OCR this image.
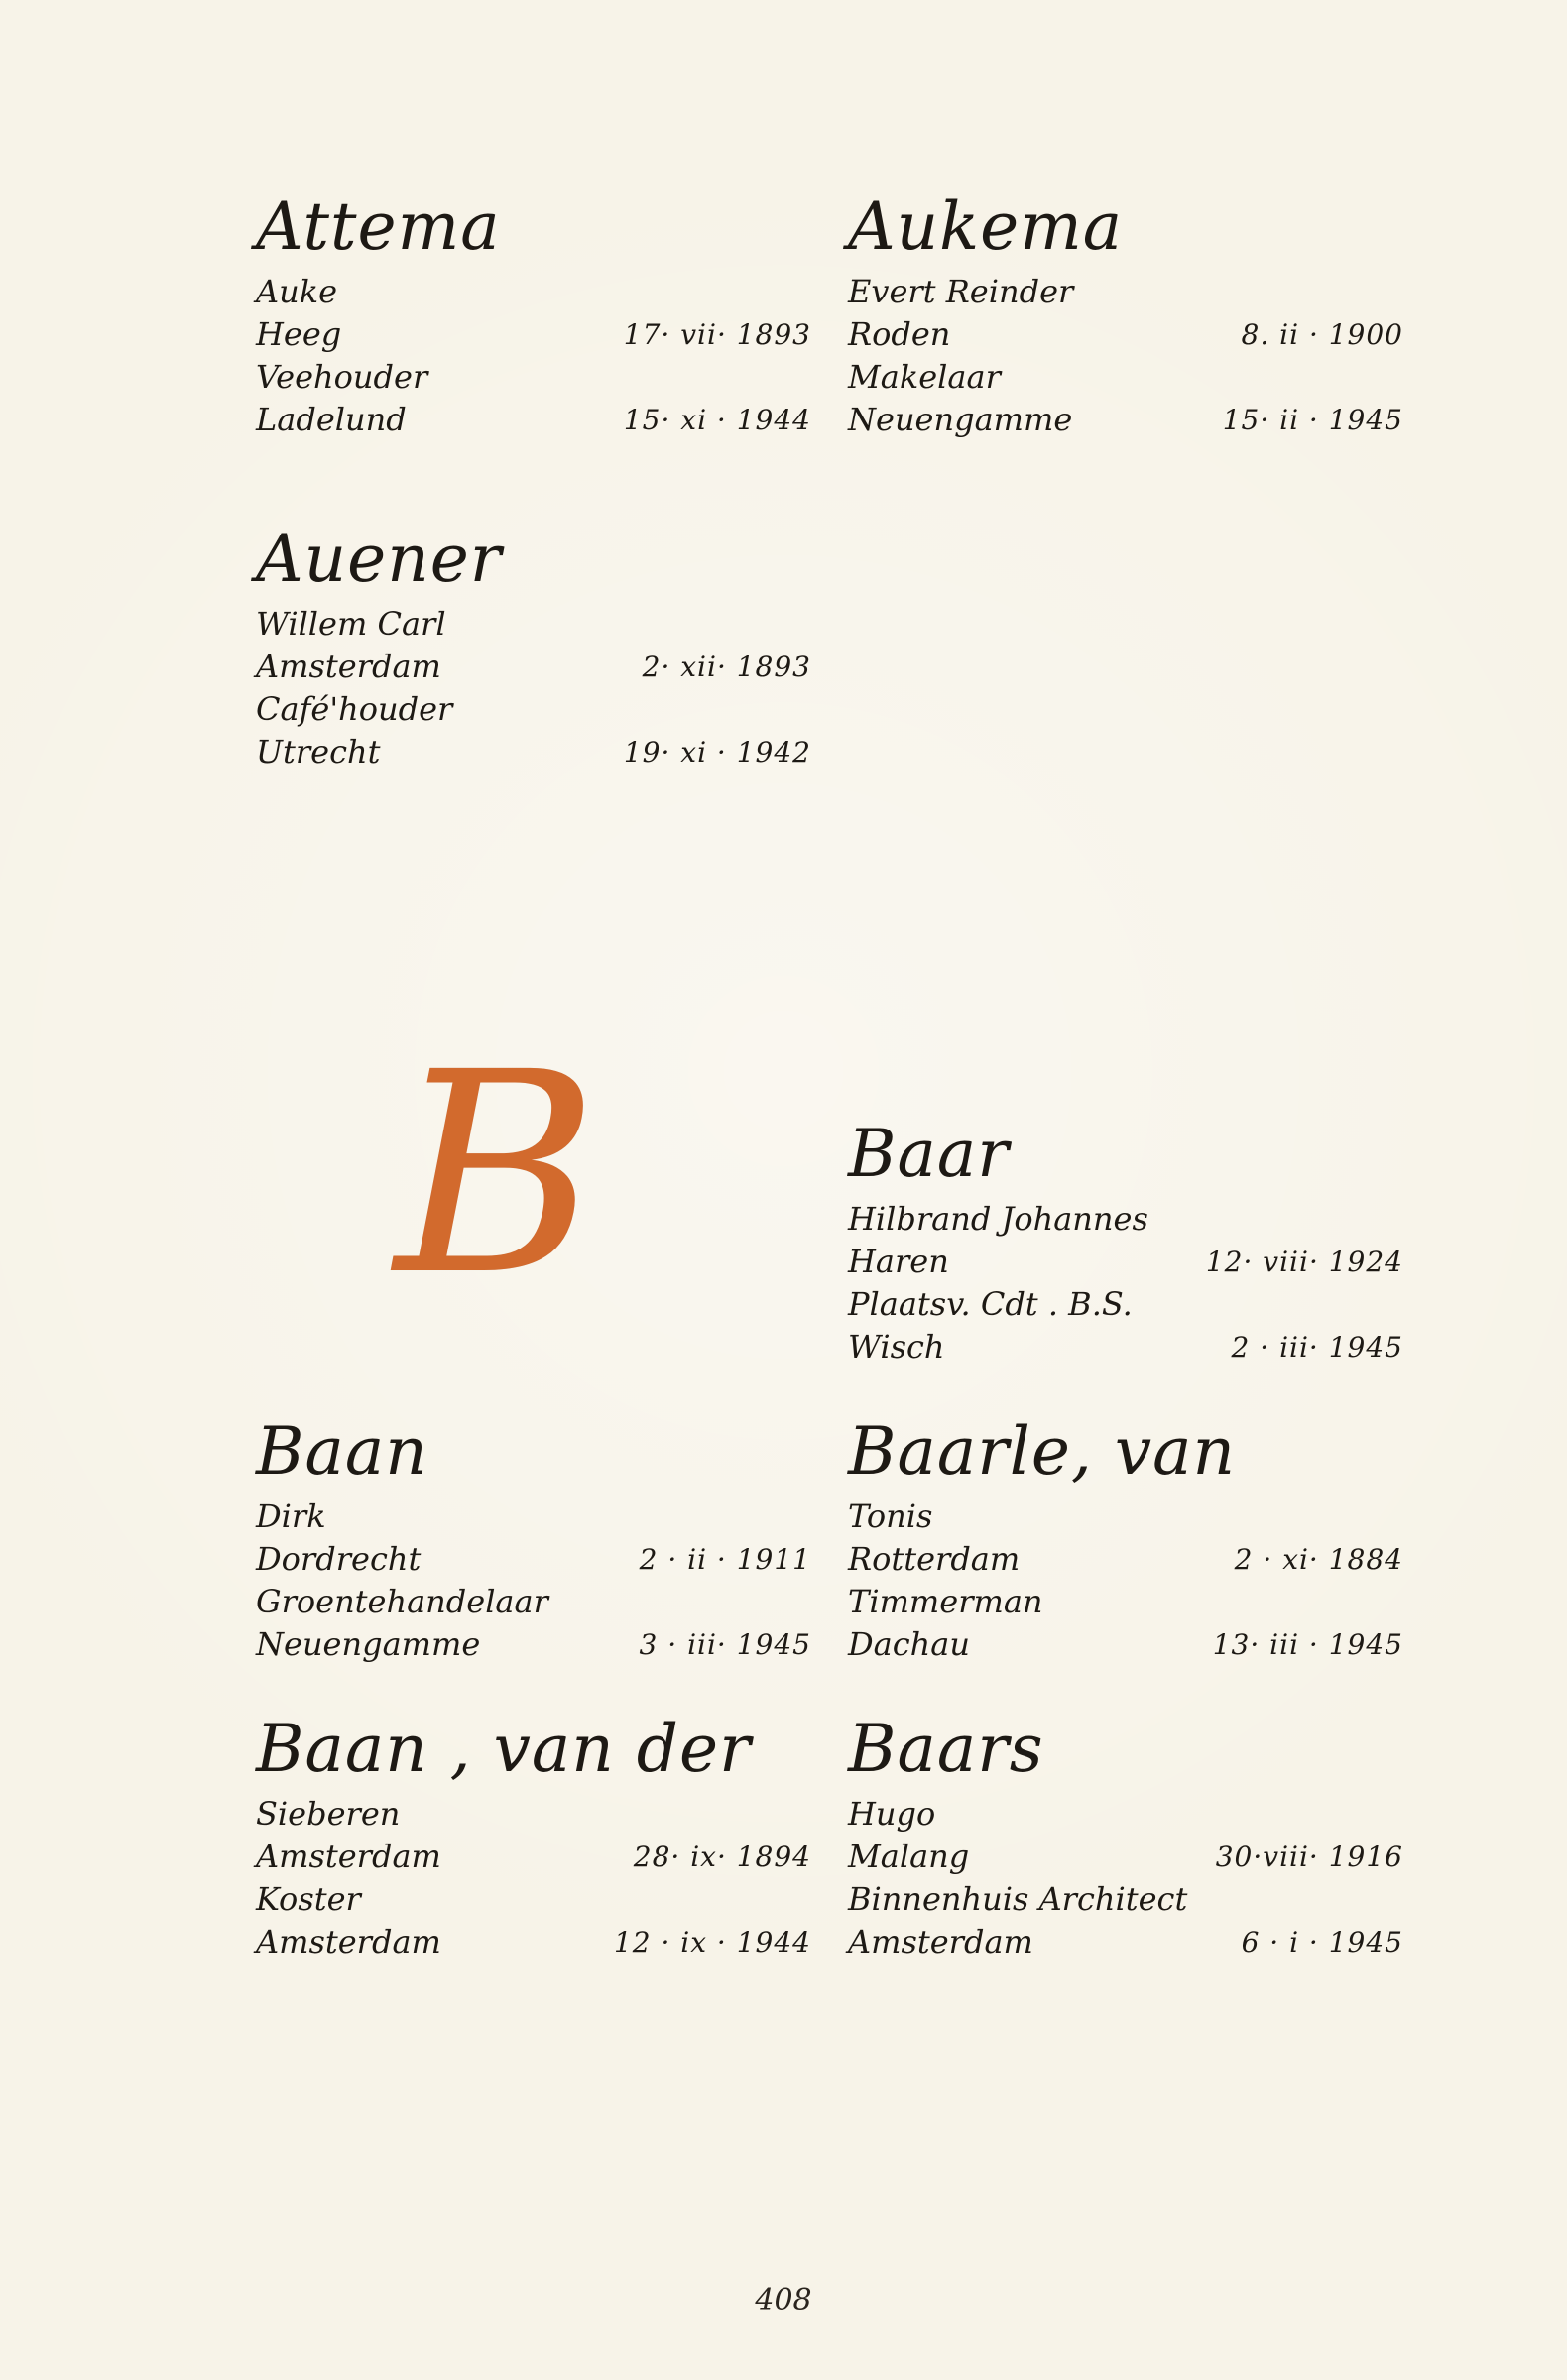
Attema
Auke
Heeg	17· vii· 1893
Veehouder
Ladelund	15· xi · 1944
Aukema
Evert Reinder
Roden	8. ii · 1900
Makelaar
Neuengamme	15· ii · 1945
Auener
Willem Carl
Amsterdam	2· xii· 1893
Café'houder
Utrecht	19· xi · 1942
B	Baar
Hilbrand Johannes
Haren	12· viii· 1924
Plaatsv. Cdt . B.S.
Wisch	2 · iii· 1945
Baan
Dirk
Dordrecht	2 · ii · 1911
Groentehandelaar
Neuengamme	3 · iii· 1945
Baarle, van
Tonis
Rotterdam	2 · xi· 1884
Timmerman
Dachau	13· iii · 1945
Baan , van der
Sieberen
Amsterdam	28· ix· 1894
Koster
Amsterdam	12 · ix · 1944
Baars
Hugo
Malang	30·viii· 1916
Binnenhuis Architect
Amsterdam	6 · i · 1945
408
